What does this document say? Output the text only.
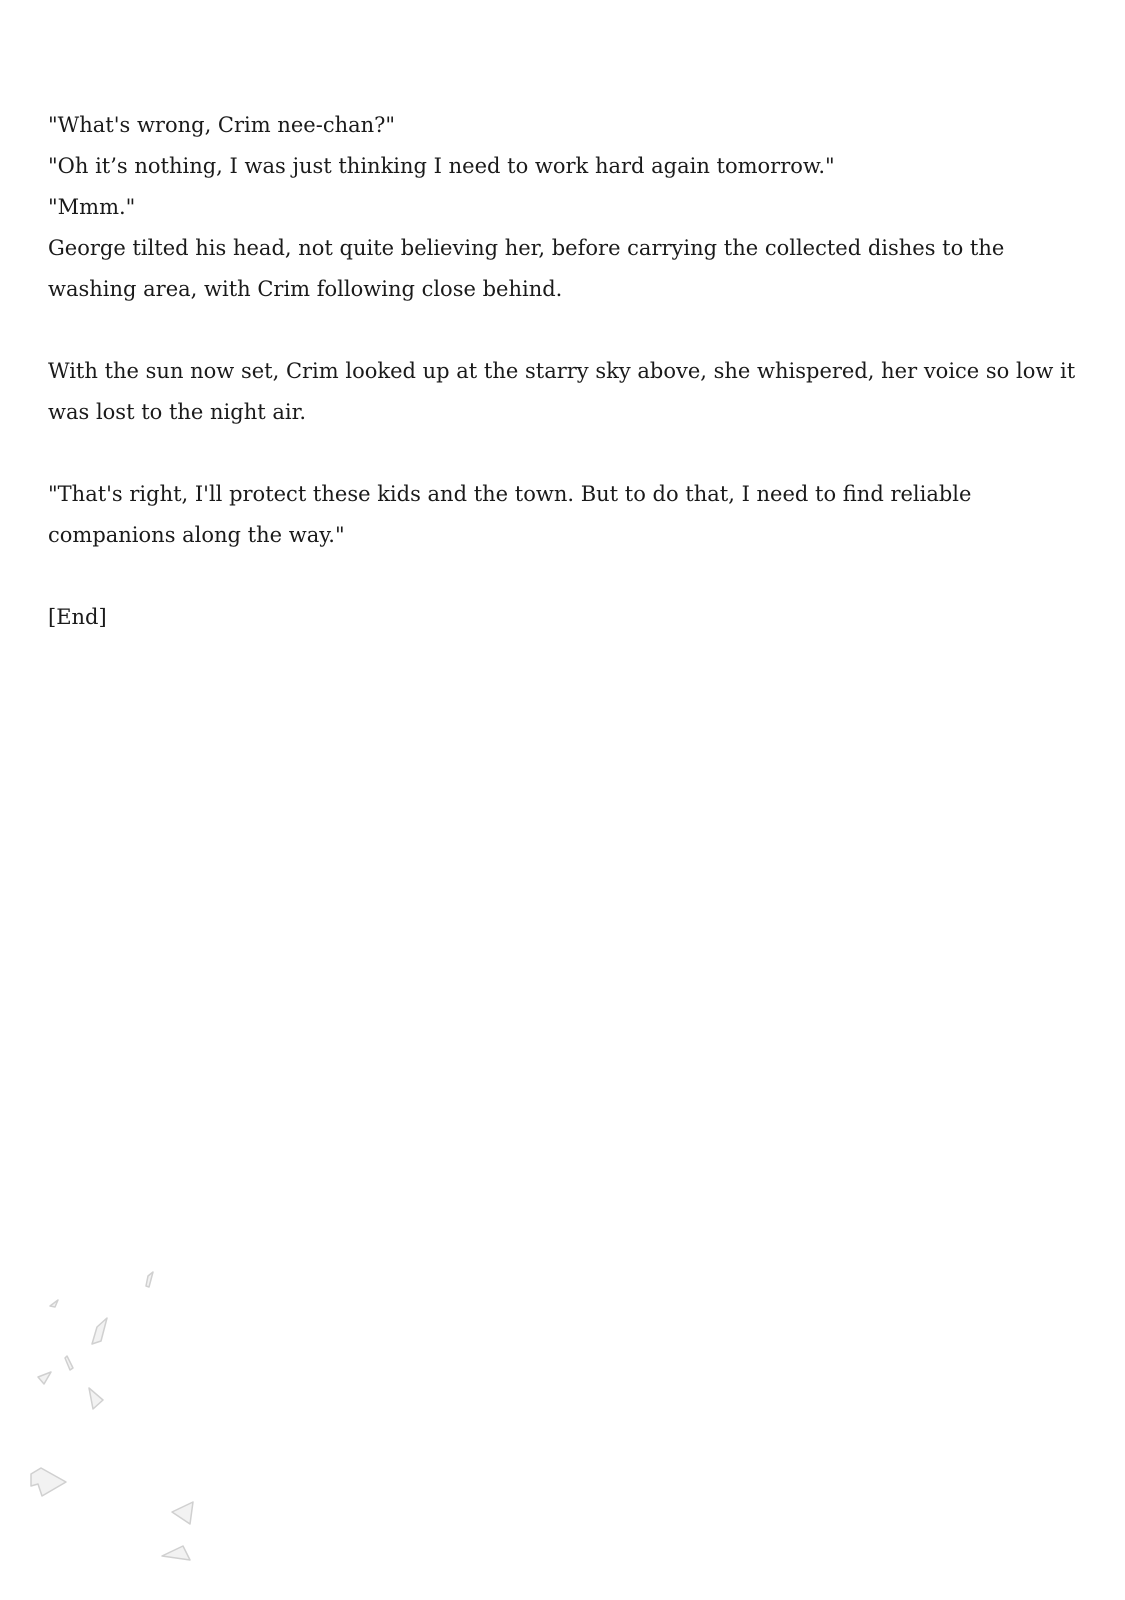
"What's wrong, Crim nee-chan?"

"Oh it’s nothing, I was just thinking I need to work hard again tomorrow."

"Mmm."

George tilted his head, not quite believing her, before carrying the collected dishes to the washing area, with Crim following close behind.

With the sun now set, Crim looked up at the starry sky above, she whispered, her voice so low it was lost to the night air.

"That's right, I'll protect these kids and the town. But to do that, I need to find reliable companions along the way."

[End]
